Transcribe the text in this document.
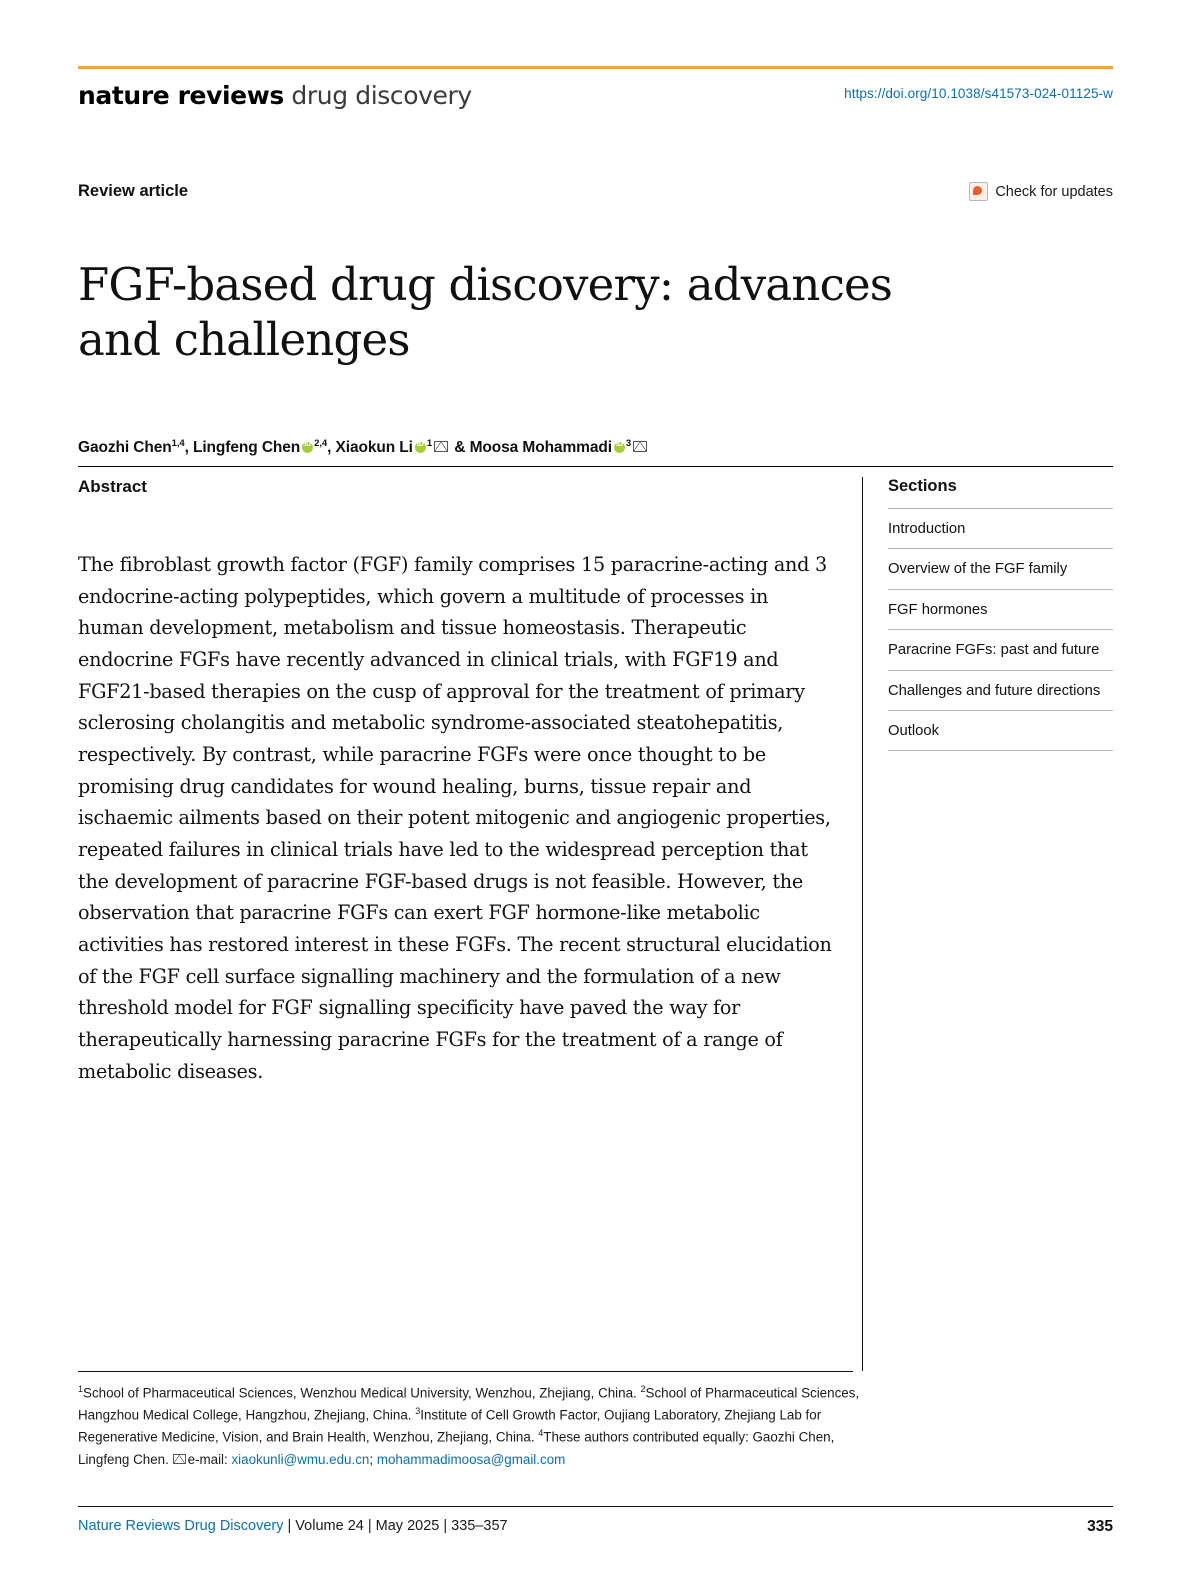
nature reviews drug discovery	https://doi.org/10.1038/s41573-024-01125-w
Review article	Check for updates
FGF-based drug discovery: advances and challenges
Gaozhi Chen$^{1,4}$, Lingfeng Chen iD $^{2,4}$, Xiaokun Li iD $^1$ & Moosa Mohammadi iD $^3$
Abstract
The fibroblast growth factor (FGF) family comprises 15 paracrine-acting and 3 endocrine-acting polypeptides, which govern a multitude of processes in human development, metabolism and tissue homeostasis. Therapeutic endocrine FGFs have recently advanced in clinical trials, with FGF19 and FGF21-based therapies on the cusp of approval for the treatment of primary sclerosing cholangitis and metabolic syndrome-associated steatohepatitis, respectively. By contrast, while paracrine FGFs were once thought to be promising drug candidates for wound healing, burns, tissue repair and ischaemic ailments based on their potent mitogenic and angiogenic properties, repeated failures in clinical trials have led to the widespread perception that the development of paracrine FGF-based drugs is not feasible. However, the observation that paracrine FGFs can exert FGF hormone-like metabolic activities has restored interest in these FGFs. The recent structural elucidation of the FGF cell surface signalling machinery and the formulation of a new threshold model for FGF signalling specificity have paved the way for therapeutically harnessing paracrine FGFs for the treatment of a range of metabolic diseases.
Sections
Introduction
Overview of the FGF family
FGF hormones
Paracrine FGFs: past and future
Challenges and future directions
Outlook
$^1$School of Pharmaceutical Sciences, Wenzhou Medical University, Wenzhou, Zhejiang, China. $^2$School of Pharmaceutical Sciences, Hangzhou Medical College, Hangzhou, Zhejiang, China. $^3$Institute of Cell Growth Factor, Oujiang Laboratory, Zhejiang Lab for Regenerative Medicine, Vision, and Brain Health, Wenzhou, Zhejiang, China. $^4$These authors contributed equally: Gaozhi Chen, Lingfeng Chen. e-mail: xiaokunli@wmu.edu.cn; mohammadimoosa@gmail.com
Nature Reviews Drug Discovery | Volume 24 | May 2025 | 335–357	335
